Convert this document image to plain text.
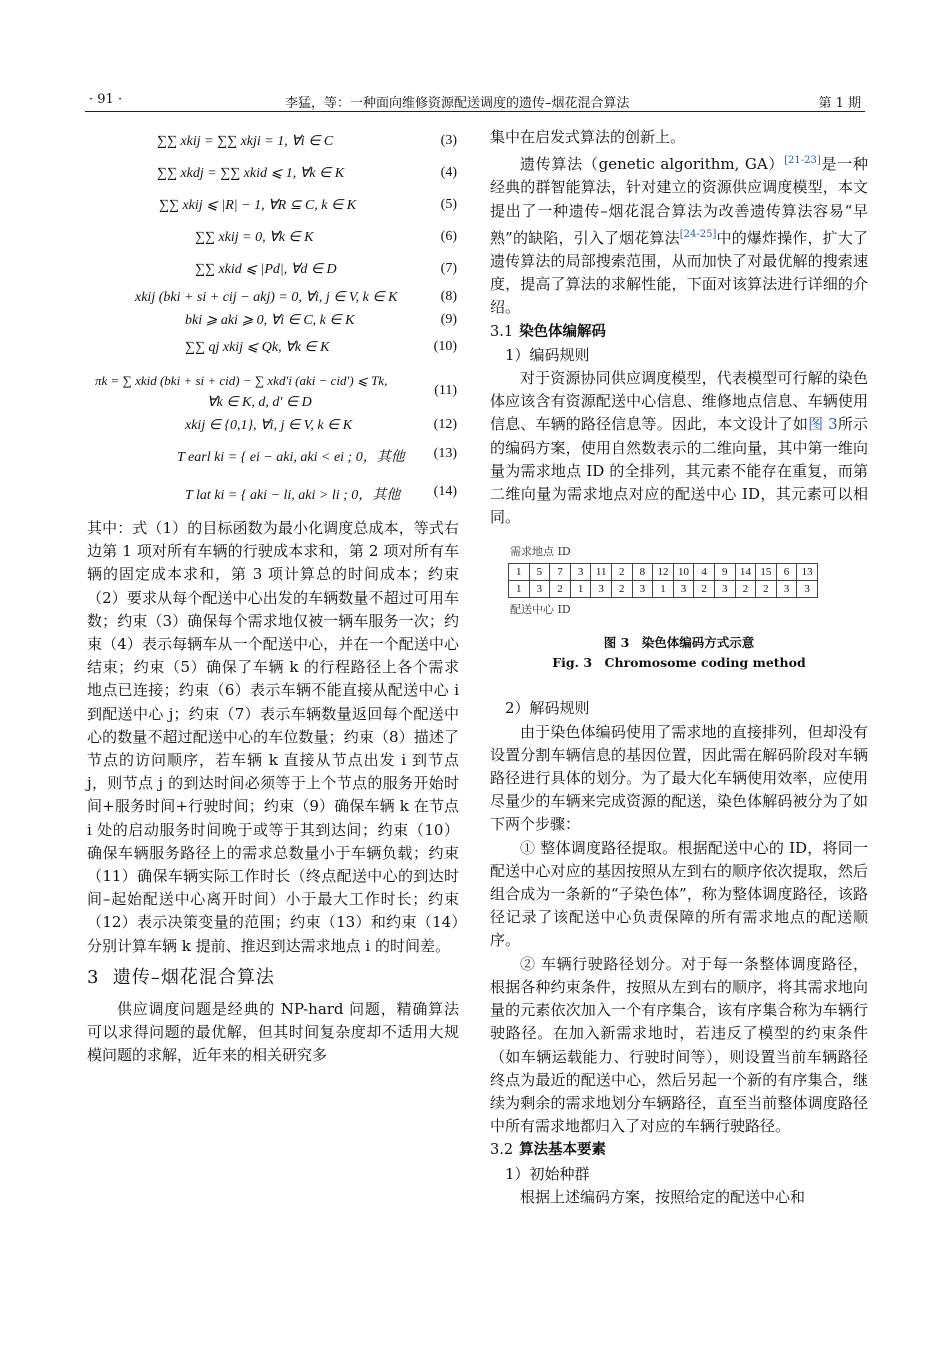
· 91 ·	李猛，等：一种面向维修资源配送调度的遗传–烟花混合算法	第 1 期
∑∑ xkij = ∑∑ xkji = 1, ∀i ∈ C	(3)
∑∑ xkdj = ∑∑ xkid ⩽ 1, ∀k ∈ K	(4)
∑∑ xkij ⩽ |R| − 1, ∀R ⊆ C, k ∈ K	(5)
∑∑ xkij = 0, ∀k ∈ K	(6)
∑∑ xkid ⩽ |Pd|, ∀d ∈ D	(7)
xkij (bki + si + cij − akj) = 0, ∀i, j ∈ V, k ∈ K	(8)
bki ⩾ aki ⩾ 0, ∀i ∈ C, k ∈ K	(9)
∑∑ qj xkij ⩽ Qk, ∀k ∈ K	(10)
πk = ∑ xkid (bki + si + cid) − ∑ xkd′i (aki − cid′) ⩽ Tk,
∀k ∈ K, d, d′ ∈ D
(11)
xkij ∈ {0,1}, ∀i, j ∈ V, k ∈ K	(12)
T earl ki = { ei − aki, aki < ei ; 0，其他 (13)
T lat ki = { aki − li, aki > li ; 0，其他 (14)

其中：式（1）的目标函数为最小化调度总成本，等式右边第 1 项对所有车辆的行驶成本求和，第 2 项对所有车辆的固定成本求和，第 3 项计算总的时间成本；约束（2）要求从每个配送中心出发的车辆数量不超过可用车数；约束（3）确保每个需求地仅被一辆车服务一次；约束（4）表示每辆车从一个配送中心，并在一个配送中心结束；约束（5）确保了车辆 k 的行程路径上各个需求地点已连接；约束（6）表示车辆不能直接从配送中心 i 到配送中心 j；约束（7）表示车辆数量返回每个配送中心的数量不超过配送中心的车位数量；约束（8）描述了节点的访问顺序，若车辆 k 直接从节点出发 i 到节点 j，则节点 j 的到达时间必须等于上个节点的服务开始时间+服务时间+行驶时间；约束（9）确保车辆 k 在节点 i 处的启动服务时间晚于或等于其到达间；约束（10）确保车辆服务路径上的需求总数量小于车辆负载；约束（11）确保车辆实际工作时长（终点配送中心的到达时间–起始配送中心离开时间）小于最大工作时长；约束（12）表示决策变量的范围；约束（13）和约束（14）分别计算车辆 k 提前、推迟到达需求地点 i 的时间差。

3 遗传–烟花混合算法

供应调度问题是经典的 NP-hard 问题，精确算法可以求得问题的最优解，但其时间复杂度却不适用大规模问题的求解，近年来的相关研究多

集中在启发式算法的创新上。

遗传算法（genetic algorithm, GA）[21-23]是一种经典的群智能算法，针对建立的资源供应调度模型，本文提出了一种遗传–烟花混合算法为改善遗传算法容易“早熟”的缺陷，引入了烟花算法[24-25]中的爆炸操作，扩大了遗传算法的局部搜索范围，从而加快了对最优解的搜索速度，提高了算法的求解性能，下面对该算法进行详细的介绍。

3.1 染色体编解码

1）编码规则

对于资源协同供应调度模型，代表模型可行解的染色体应该含有资源配送中心信息、维修地点信息、车辆使用信息、车辆的路径信息等。因此，本文设计了如图 3所示的编码方案，使用自然数表示的二维向量，其中第一维向量为需求地点 ID 的全排列，其元素不能存在重复，而第二维向量为需求地点对应的配送中心 ID，其元素可以相同。

需求地点 ID
1	5	7	3	11	2	8	12	10	4	9	14	15	6	13
1	3	2	1	3	2	3	1	3	2	3	2	2	3	3
配送中心 ID
图 3　染色体编码方式示意
Fig. 3　Chromosome coding method

2）解码规则

由于染色体编码使用了需求地的直接排列，但却没有设置分割车辆信息的基因位置，因此需在解码阶段对车辆路径进行具体的划分。为了最大化车辆使用效率，应使用尽量少的车辆来完成资源的配送，染色体解码被分为了如下两个步骤：

① 整体调度路径提取。根据配送中心的 ID，将同一配送中心对应的基因按照从左到右的顺序依次提取，然后组合成为一条新的“子染色体”，称为整体调度路径，该路径记录了该配送中心负责保障的所有需求地点的配送顺序。

② 车辆行驶路径划分。对于每一条整体调度路径，根据各种约束条件，按照从左到右的顺序，将其需求地向量的元素依次加入一个有序集合，该有序集合称为车辆行驶路径。在加入新需求地时，若违反了模型的约束条件（如车辆运载能力、行驶时间等），则设置当前车辆路径终点为最近的配送中心，然后另起一个新的有序集合，继续为剩余的需求地划分车辆路径，直至当前整体调度路径中所有需求地都归入了对应的车辆行驶路径。

3.2 算法基本要素

1）初始种群

根据上述编码方案，按照给定的配送中心和
